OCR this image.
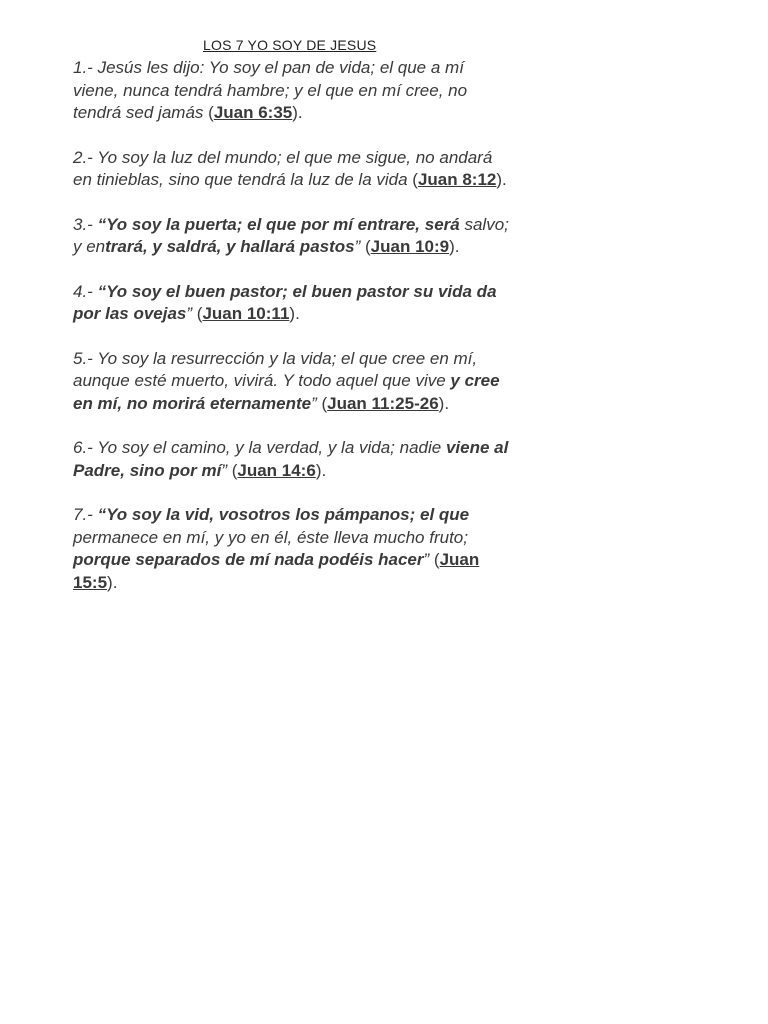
LOS 7 YO SOY DE JESUS

1.- Jesús les dijo: Yo soy el pan de vida; el que a mí viene, nunca tendrá hambre; y el que en mí cree, no tendrá sed jamás (Juan 6:35).

2.- Yo soy la luz del mundo; el que me sigue, no andará en tinieblas, sino que tendrá la luz de la vida (Juan 8:12).

3.- “Yo soy la puerta; el que por mí entrare, será salvo; y entrará, y saldrá, y hallará pastos” (Juan 10:9).

4.- “Yo soy el buen pastor; el buen pastor su vida da por las ovejas” (Juan 10:11).

5.- Yo soy la resurrección y la vida; el que cree en mí, aunque esté muerto, vivirá. Y todo aquel que vive y cree en mí, no morirá eternamente” (Juan 11:25-26).

6.- Yo soy el camino, y la verdad, y la vida; nadie viene al Padre, sino por mí” (Juan 14:6).

7.- “Yo soy la vid, vosotros los pámpanos; el que permanece en mí, y yo en él, éste lleva mucho fruto; porque separados de mí nada podéis hacer” (Juan 15:5).
